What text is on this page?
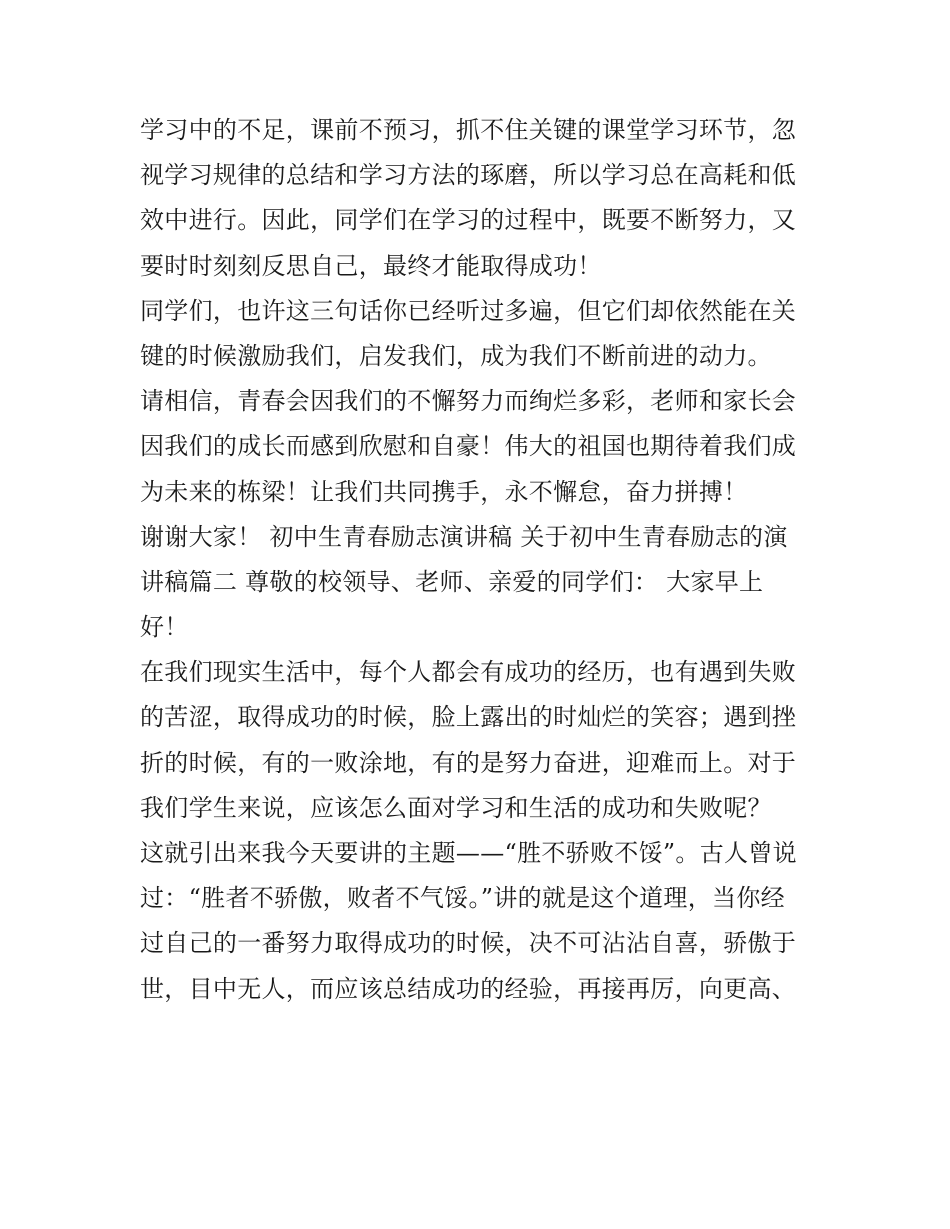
学习中的不足，课前不预习，抓不住关键的课堂学习环节，忽
视学习规律的总结和学习方法的琢磨，所以学习总在高耗和低
效中进行。因此，同学们在学习的过程中，既要不断努力，又
要时时刻刻反思自己，最终才能取得成功！
同学们，也许这三句话你已经听过多遍，但它们却依然能在关
键的时候激励我们，启发我们，成为我们不断前进的动力。
请相信，青春会因我们的不懈努力而绚烂多彩，老师和家长会
因我们的成长而感到欣慰和自豪！伟大的祖国也期待着我们成
为未来的栋梁！让我们共同携手，永不懈怠，奋力拼搏！
谢谢大家！ 初中生青春励志演讲稿 关于初中生青春励志的演
讲稿篇二 尊敬的校领导、老师、亲爱的同学们： 大家早上
好！
在我们现实生活中，每个人都会有成功的经历，也有遇到失败
的苦涩，取得成功的时候，脸上露出的时灿烂的笑容；遇到挫
折的时候，有的一败涂地，有的是努力奋进，迎难而上。对于
我们学生来说，应该怎么面对学习和生活的成功和失败呢？
这就引出来我今天要讲的主题——“胜不骄败不馁”。古人曾说
过：“胜者不骄傲，败者不气馁。”讲的就是这个道理，当你经
过自己的一番努力取得成功的时候，决不可沾沾自喜，骄傲于
世，目中无人，而应该总结成功的经验，再接再厉，向更高、
